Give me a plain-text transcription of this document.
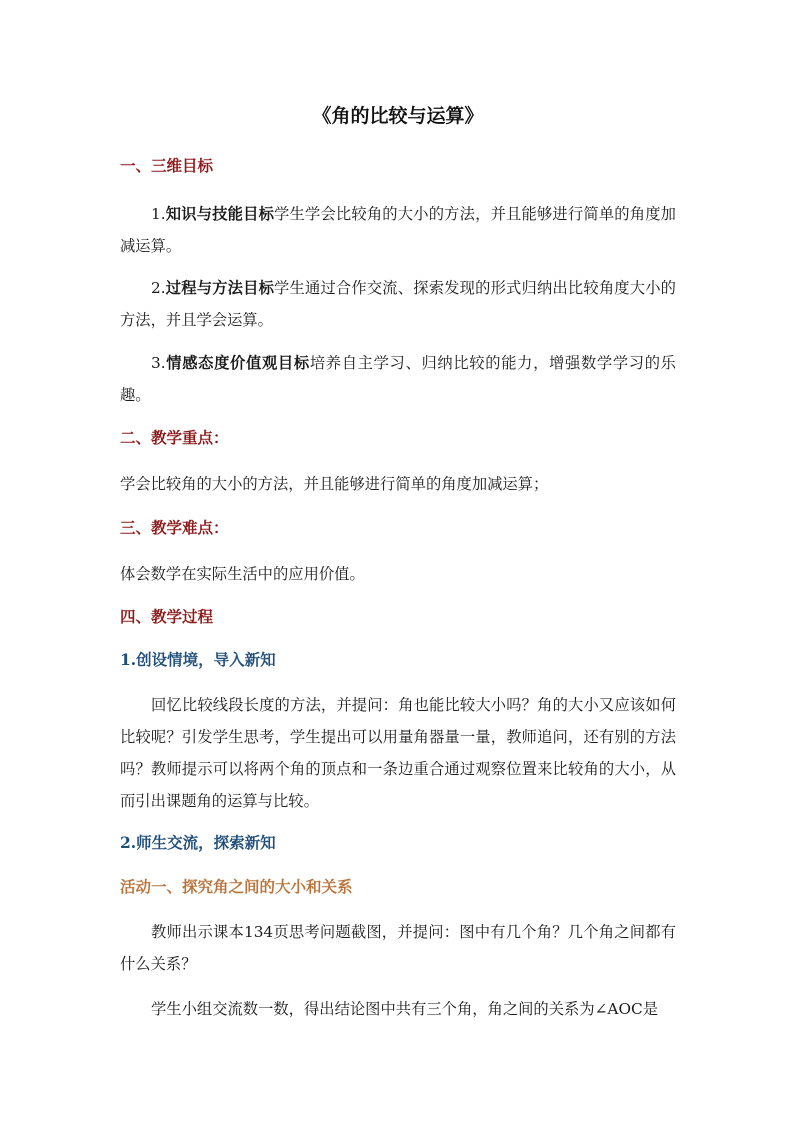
《角的比较与运算》
一、三维目标
1.知识与技能目标学生学会比较角的大小的方法，并且能够进行简单的角度加减运算。
2.过程与方法目标学生通过合作交流、探索发现的形式归纳出比较角度大小的方法，并且学会运算。
3.情感态度价值观目标培养自主学习、归纳比较的能力，增强数学学习的乐趣。
二、教学重点：
学会比较角的大小的方法，并且能够进行简单的角度加减运算；
三、教学难点：
体会数学在实际生活中的应用价值。
四、教学过程
1.创设情境，导入新知
回忆比较线段长度的方法，并提问：角也能比较大小吗？角的大小又应该如何比较呢？引发学生思考，学生提出可以用量角器量一量，教师追问，还有别的方法吗？教师提示可以将两个角的顶点和一条边重合通过观察位置来比较角的大小，从而引出课题角的运算与比较。
2.师生交流，探索新知
活动一、探究角之间的大小和关系
教师出示课本134页思考问题截图，并提问：图中有几个角？几个角之间都有什么关系？
学生小组交流数一数，得出结论图中共有三个角，角之间的关系为∠AOC是
